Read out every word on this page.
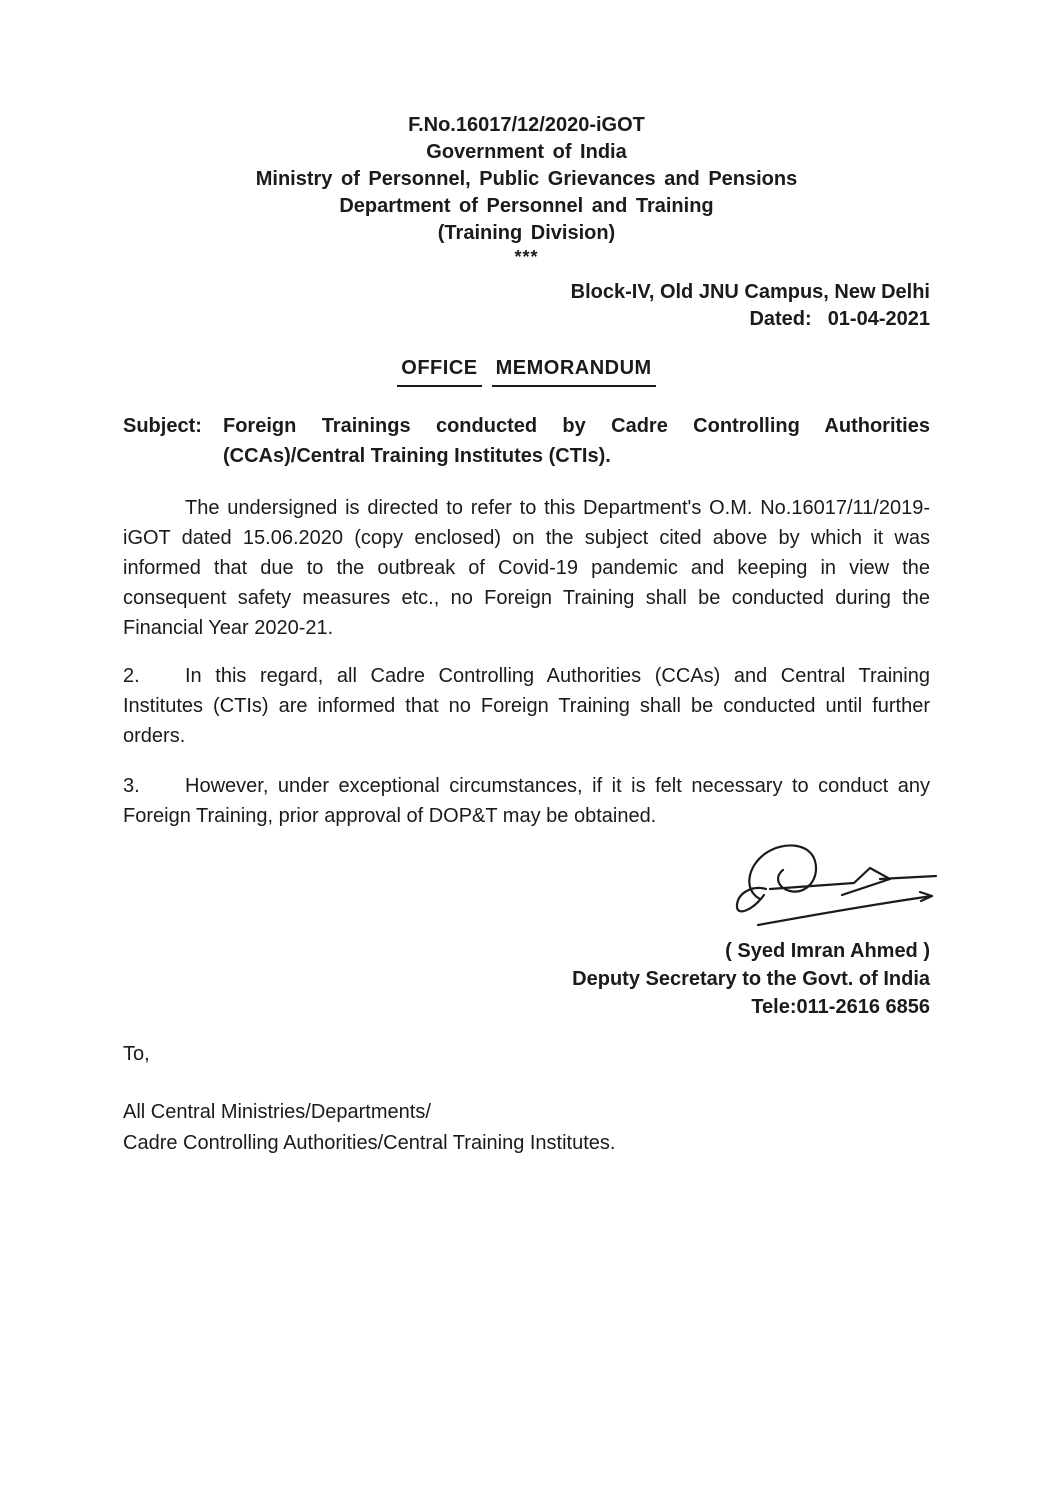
F.No.16017/12/2020-iGOT
Government of India
Ministry of Personnel, Public Grievances and Pensions
Department of Personnel and Training
(Training Division)
***
Block-IV, Old JNU Campus, New Delhi
Dated: 01-04-2021
OFFICE MEMORANDUM
Subject:	Foreign Trainings conducted by Cadre Controlling Authorities (CCAs)/Central Training Institutes (CTIs).

The undersigned is directed to refer to this Department's O.M. No.16017/11/2019-iGOT dated 15.06.2020 (copy enclosed) on the subject cited above by which it was informed that due to the outbreak of Covid-19 pandemic and keeping in view the consequent safety measures etc., no Foreign Training shall be conducted during the Financial Year 2020-21.

2. In this regard, all Cadre Controlling Authorities (CCAs) and Central Training Institutes (CTIs) are informed that no Foreign Training shall be conducted until further orders.

3. However, under exceptional circumstances, if it is felt necessary to conduct any Foreign Training, prior approval of DOP&T may be obtained.

( Syed Imran Ahmed )
Deputy Secretary to the Govt. of India
Tele:011-2616 6856
To,
All Central Ministries/Departments/
Cadre Controlling Authorities/Central Training Institutes.
